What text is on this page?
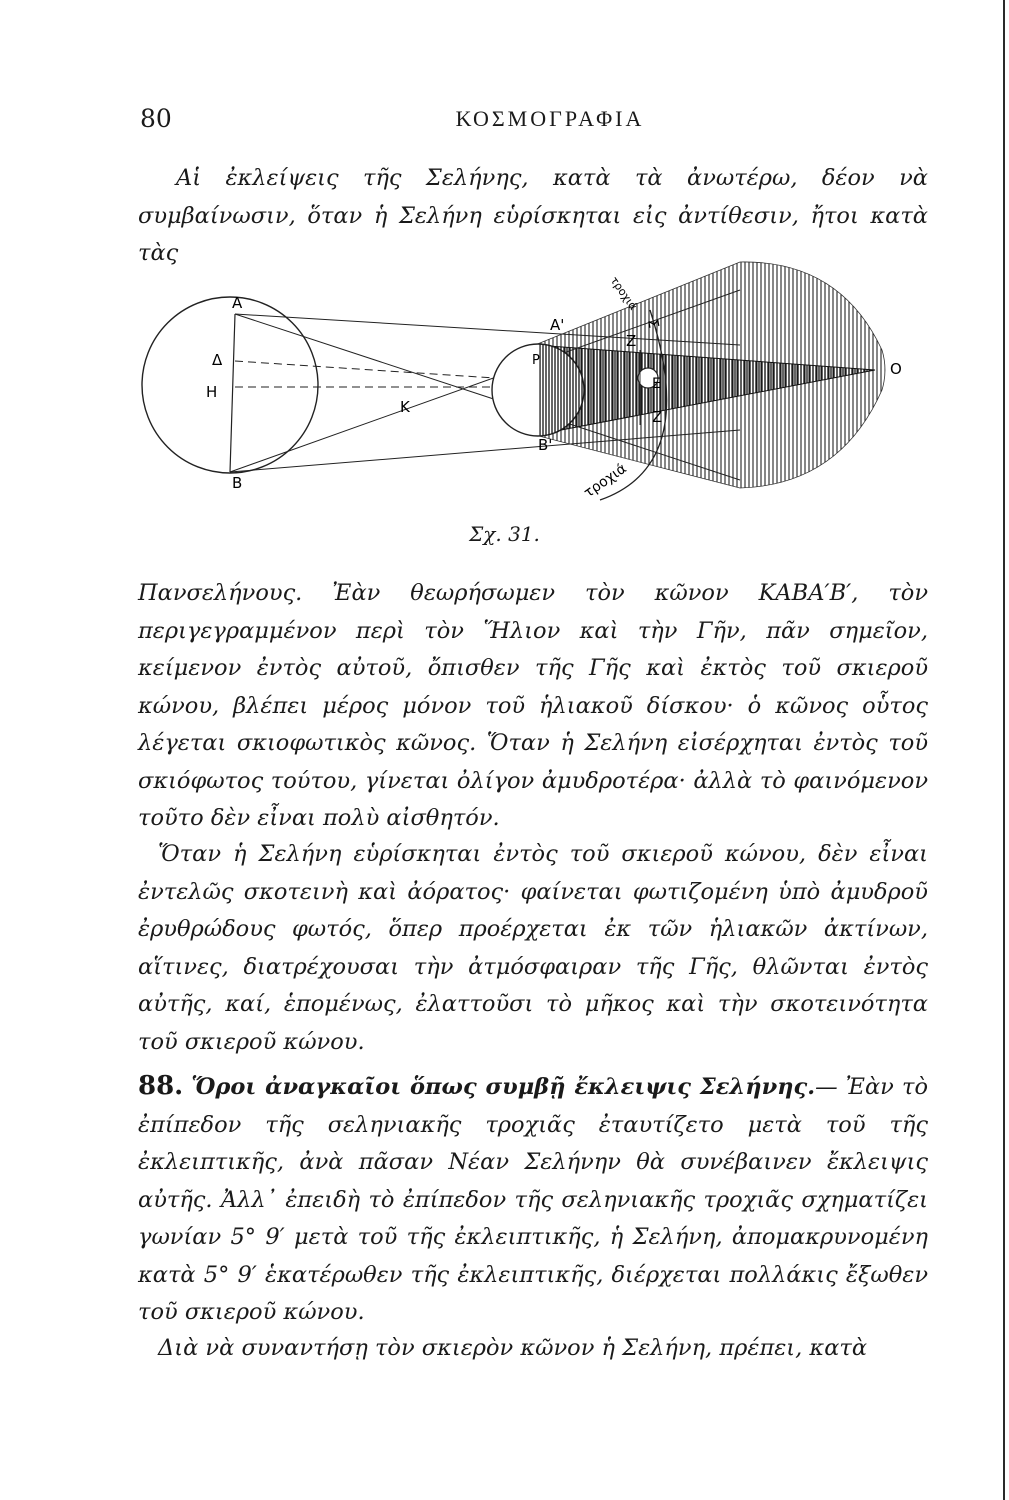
80	ΚΟΣΜΟΓΡΑΦΙΑ

Αἱ ἐκλείψεις τῆς Σελήνης, κατὰ τὰ ἀνωτέρω, δέον νὰ συμβαίνωσιν, ὅταν ἡ Σελήνη εὑρίσκηται εἰς ἀντίθεσιν, ἤτοι κατὰ τὰς

A
Δ
H
B
K
A'
B'
P
Z
Z
Σ
Ε
O
τροχιά
τροχιά
Σχ. 31.

Πανσελήνους. Ἐὰν θεωρήσωμεν τὸν κῶνον ΚΑΒΑ′Β′, τὸν περιγεγραμμένον περὶ τὸν Ἥλιον καὶ τὴν Γῆν, πᾶν σημεῖον, κείμενον ἐντὸς αὐτοῦ, ὄπισθεν τῆς Γῆς καὶ ἐκτὸς τοῦ σκιεροῦ κώνου, βλέπει μέρος μόνον τοῦ ἡλιακοῦ δίσκου· ὁ κῶνος οὗτος λέγεται σκιοφωτικὸς κῶνος. Ὅταν ἡ Σελήνη εἰσέρχηται ἐντὸς τοῦ σκιόφωτος τούτου, γίνεται ὀλίγον ἀμυδροτέρα· ἀλλὰ τὸ φαινόμενον τοῦτο δὲν εἶναι πολὺ αἰσθητόν.

Ὅταν ἡ Σελήνη εὑρίσκηται ἐντὸς τοῦ σκιεροῦ κώνου, δὲν εἶναι ἐντελῶς σκοτεινὴ καὶ ἀόρατος· φαίνεται φωτιζομένη ὑπὸ ἀμυδροῦ ἐρυθρώδους φωτός, ὅπερ προέρχεται ἐκ τῶν ἡλιακῶν ἀκτίνων, αἵτινες, διατρέχουσαι τὴν ἀτμόσφαιραν τῆς Γῆς, θλῶνται ἐντὸς αὐτῆς, καί, ἑπομένως, ἐλαττοῦσι τὸ μῆκος καὶ τὴν σκοτεινότητα τοῦ σκιεροῦ κώνου.

88. Ὅροι ἀναγκαῖοι ὅπως συμβῇ ἔκλειψις Σελήνης.— Ἐὰν τὸ ἐπίπεδον τῆς σεληνιακῆς τροχιᾶς ἐταυτίζετο μετὰ τοῦ τῆς ἐκλειπτικῆς, ἀνὰ πᾶσαν Νέαν Σελήνην θὰ συνέβαινεν ἔκλειψις αὐτῆς. Ἀλλ᾿ ἐπειδὴ τὸ ἐπίπεδον τῆς σεληνιακῆς τροχιᾶς σχηματίζει γωνίαν 5° 9′ μετὰ τοῦ τῆς ἐκλειπτικῆς, ἡ Σελήνη, ἀπομακρυνομένη κατὰ 5° 9′ ἑκατέρωθεν τῆς ἐκλειπτικῆς, διέρχεται πολλάκις ἔξωθεν τοῦ σκιεροῦ κώνου.

Διὰ νὰ συναντήσῃ τὸν σκιερὸν κῶνον ἡ Σελήνη, πρέπει, κατὰ
